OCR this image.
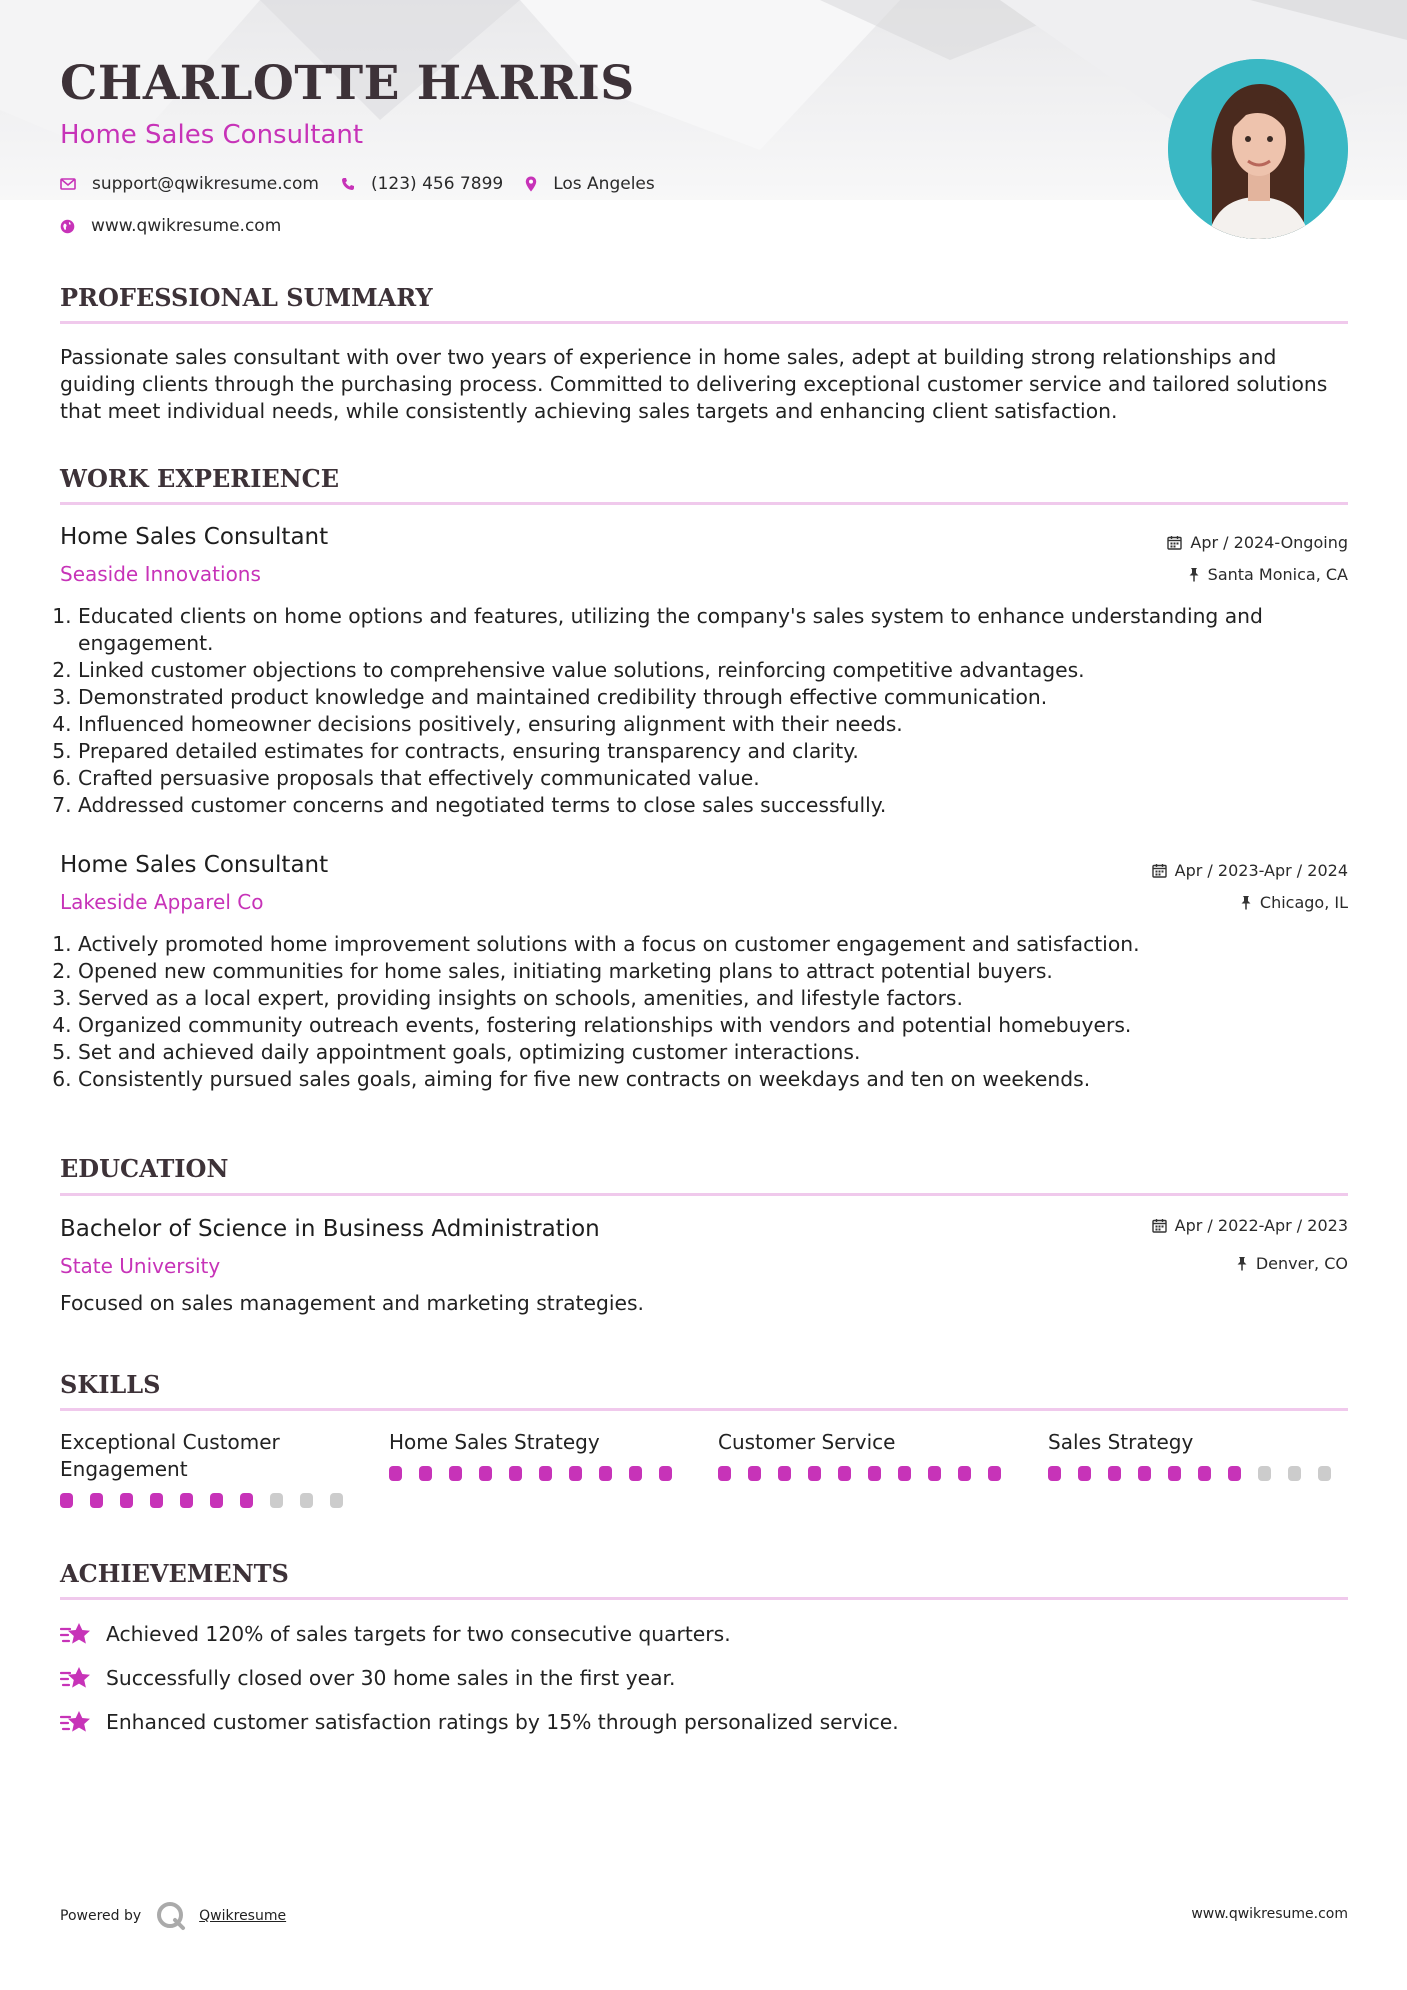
CHARLOTTE HARRIS
Home Sales Consultant
support@qwikresume.com	(123) 456 7899	Los Angeles
www.qwikresume.com
PROFESSIONAL SUMMARY
Passionate sales consultant with over two years of experience in home sales, adept at building strong relationships and guiding clients through the purchasing process. Committed to delivering exceptional customer service and tailored solutions that meet individual needs, while consistently achieving sales targets and enhancing client satisfaction.
WORK EXPERIENCE
Home Sales Consultant
Seaside Innovations
Apr / 2024-Ongoing
Santa Monica, CA
1. Educated clients on home options and features, utilizing the company's sales system to enhance understanding and engagement.
2. Linked customer objections to comprehensive value solutions, reinforcing competitive advantages.
3. Demonstrated product knowledge and maintained credibility through effective communication.
4. Influenced homeowner decisions positively, ensuring alignment with their needs.
5. Prepared detailed estimates for contracts, ensuring transparency and clarity.
6. Crafted persuasive proposals that effectively communicated value.
7. Addressed customer concerns and negotiated terms to close sales successfully.
Home Sales Consultant
Lakeside Apparel Co
Apr / 2023-Apr / 2024
Chicago, IL
1. Actively promoted home improvement solutions with a focus on customer engagement and satisfaction.
2. Opened new communities for home sales, initiating marketing plans to attract potential buyers.
3. Served as a local expert, providing insights on schools, amenities, and lifestyle factors.
4. Organized community outreach events, fostering relationships with vendors and potential homebuyers.
5. Set and achieved daily appointment goals, optimizing customer interactions.
6. Consistently pursued sales goals, aiming for five new contracts on weekdays and ten on weekends.
EDUCATION
Bachelor of Science in Business Administration
State University
Apr / 2022-Apr / 2023
Denver, CO
Focused on sales management and marketing strategies.
SKILLS
Exceptional Customer Engagement
Home Sales Strategy	Customer Service	Sales Strategy
ACHIEVEMENTS
Achieved 120% of sales targets for two consecutive quarters.
Successfully closed over 30 home sales in the first year.
Enhanced customer satisfaction ratings by 15% through personalized service.
Powered by	Qwikresume	www.qwikresume.com
